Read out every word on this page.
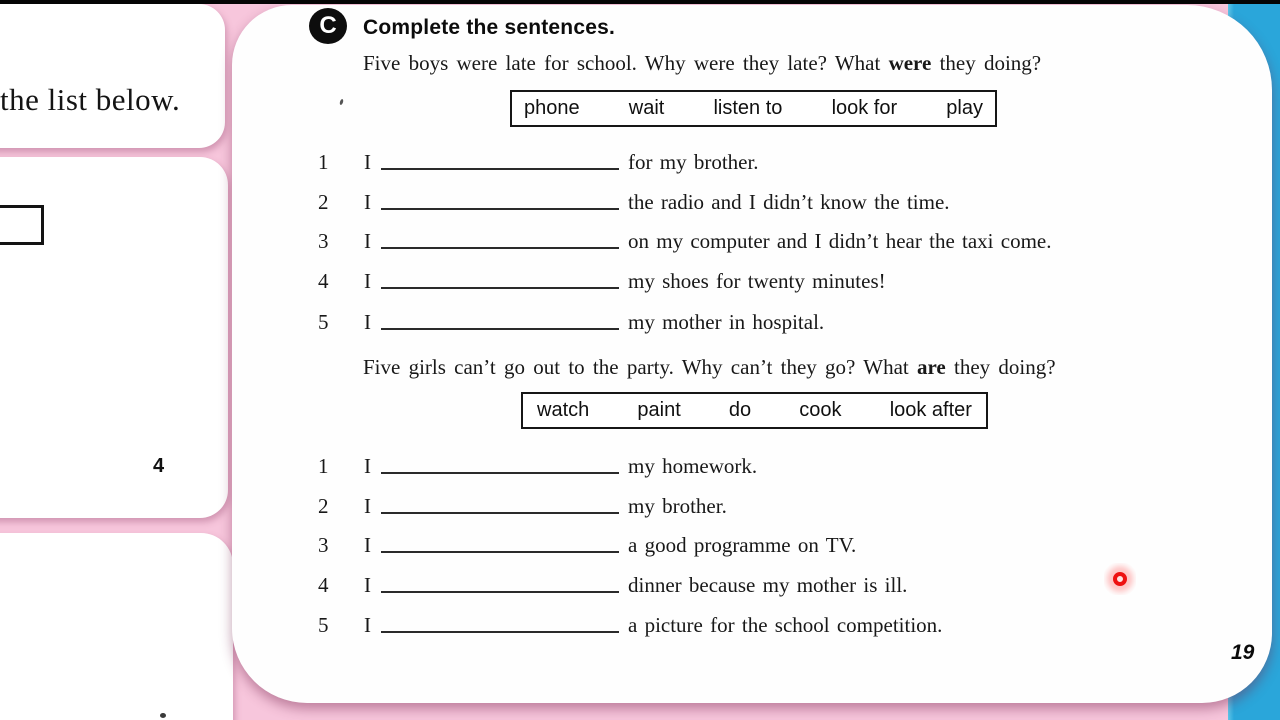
the list below.
4
C	Complete the sentences.
Five boys were late for school. Why were they late? What were they doing?
phone wait listen to look for play
1 I	for my brother.
2 I	the radio and I didn’t know the time.
3 I	on my computer and I didn’t hear the taxi come.
4 I	my shoes for twenty minutes!
5 I	my mother in hospital.
Five girls can’t go out to the party. Why can’t they go? What are they doing?
watch paint do cook look after
1 I	my homework.
2 I	my brother.
3 I	a good programme on TV.
4 I	dinner because my mother is ill.
5 I	a picture for the school competition.
19
